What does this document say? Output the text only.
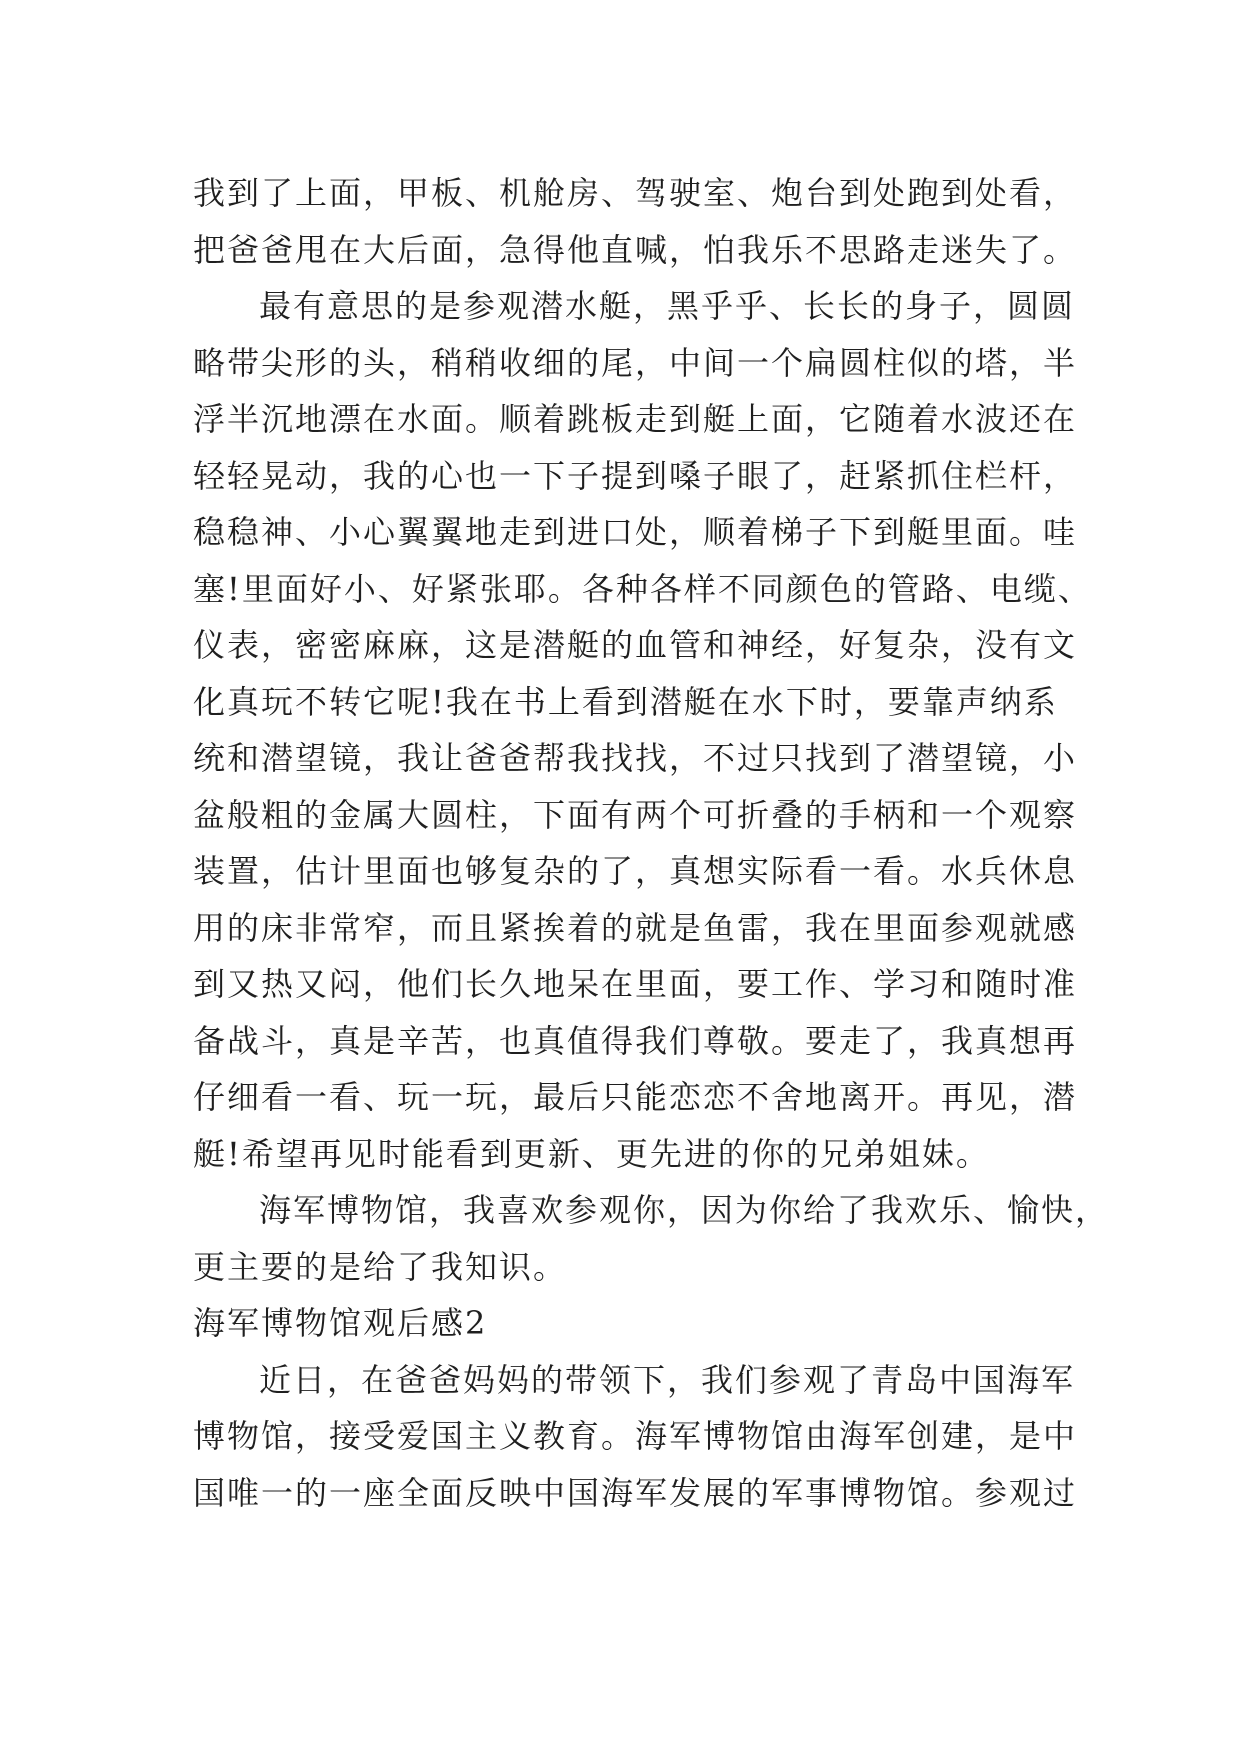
我到了上面，甲板、机舱房、驾驶室、炮台到处跑到处看，
把爸爸甩在大后面，急得他直喊，怕我乐不思路走迷失了。
最有意思的是参观潜水艇，黑乎乎、长长的身子，圆圆
略带尖形的头，稍稍收细的尾，中间一个扁圆柱似的塔，半
浮半沉地漂在水面。顺着跳板走到艇上面，它随着水波还在
轻轻晃动，我的心也一下子提到嗓子眼了，赶紧抓住栏杆，
稳稳神、小心翼翼地走到进口处，顺着梯子下到艇里面。哇
塞!里面好小、好紧张耶。各种各样不同颜色的管路、电缆、
仪表，密密麻麻，这是潜艇的血管和神经，好复杂，没有文
化真玩不转它呢!我在书上看到潜艇在水下时，要靠声纳系
统和潜望镜，我让爸爸帮我找找，不过只找到了潜望镜，小
盆般粗的金属大圆柱，下面有两个可折叠的手柄和一个观察
装置，估计里面也够复杂的了，真想实际看一看。水兵休息
用的床非常窄，而且紧挨着的就是鱼雷，我在里面参观就感
到又热又闷，他们长久地呆在里面，要工作、学习和随时准
备战斗，真是辛苦，也真值得我们尊敬。要走了，我真想再
仔细看一看、玩一玩，最后只能恋恋不舍地离开。再见，潜
艇!希望再见时能看到更新、更先进的你的兄弟姐妹。
海军博物馆，我喜欢参观你，因为你给了我欢乐、愉快，
更主要的是给了我知识。
海军博物馆观后感2
近日，在爸爸妈妈的带领下，我们参观了青岛中国海军
博物馆，接受爱国主义教育。海军博物馆由海军创建，是中
国唯一的一座全面反映中国海军发展的军事博物馆。参观过
